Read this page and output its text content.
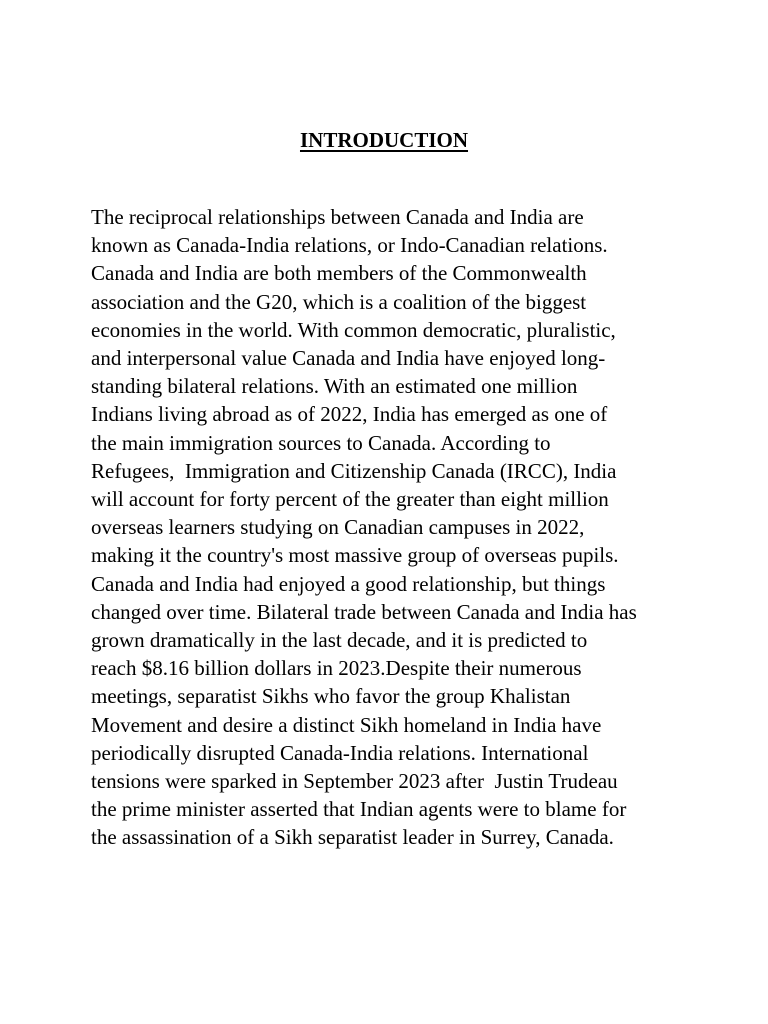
INTRODUCTION
The reciprocal relationships between Canada and India are
known as Canada-India relations, or Indo-Canadian relations.
Canada and India are both members of the Commonwealth
association and the G20, which is a coalition of the biggest
economies in the world. With common democratic, pluralistic,
and interpersonal value Canada and India have enjoyed long-
standing bilateral relations. With an estimated one million
Indians living abroad as of 2022, India has emerged as one of
the main immigration sources to Canada. According to
Refugees,  Immigration and Citizenship Canada (IRCC), India
will account for forty percent of the greater than eight million
overseas learners studying on Canadian campuses in 2022,
making it the country's most massive group of overseas pupils.
Canada and India had enjoyed a good relationship, but things
changed over time. Bilateral trade between Canada and India has
grown dramatically in the last decade, and it is predicted to
reach $8.16 billion dollars in 2023.Despite their numerous
meetings, separatist Sikhs who favor the group Khalistan
Movement and desire a distinct Sikh homeland in India have
periodically disrupted Canada-India relations. International
tensions were sparked in September 2023 after  Justin Trudeau
the prime minister asserted that Indian agents were to blame for
the assassination of a Sikh separatist leader in Surrey, Canada.
